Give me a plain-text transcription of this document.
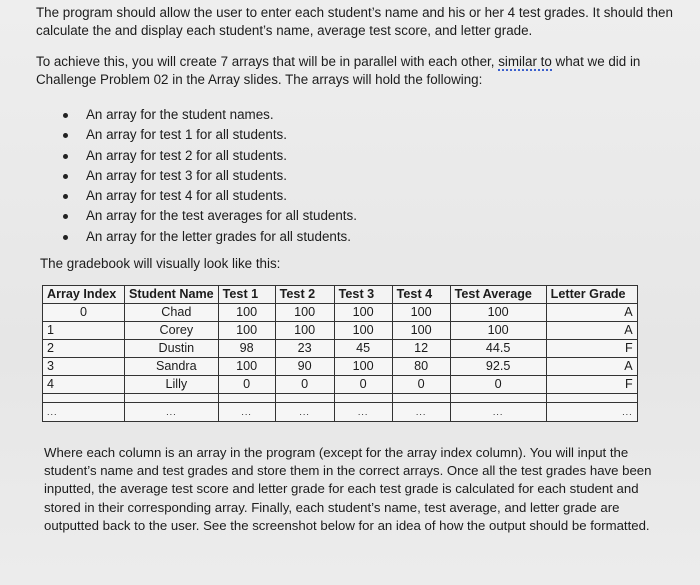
The program should allow the user to enter each student’s name and his or her 4 test grades. It should then calculate the and display each student’s name, average test score, and letter grade.

To achieve this, you will create 7 arrays that will be in parallel with each other, similar to what we did in Challenge Problem 02 in the Array slides. The arrays will hold the following:

An array for the student names.
An array for test 1 for all students.
An array for test 2 for all students.
An array for test 3 for all students.
An array for test 4 for all students.
An array for the test averages for all students.
An array for the letter grades for all students.

The gradebook will visually look like this:

Array Index	Student Name	Test 1	Test 2	Test 3	Test 4	Test Average	Letter Grade
0	Chad	100	100	100	100	100	A
1	Corey	100	100	100	100	100	A
2	Dustin	98	23	45	12	44.5	F
3	Sandra	100	90	100	80	92.5	A
4	Lilly	0	0	0	0	0	F

...	...	...	...	...	...	...	...

Where each column is an array in the program (except for the array index column). You will input the student’s name and test grades and store them in the correct arrays. Once all the test grades have been inputted, the average test score and letter grade for each test grade is calculated for each student and stored in their corresponding array. Finally, each student’s name, test average, and letter grade are outputted back to the user. See the screenshot below for an idea of how the output should be formatted.
